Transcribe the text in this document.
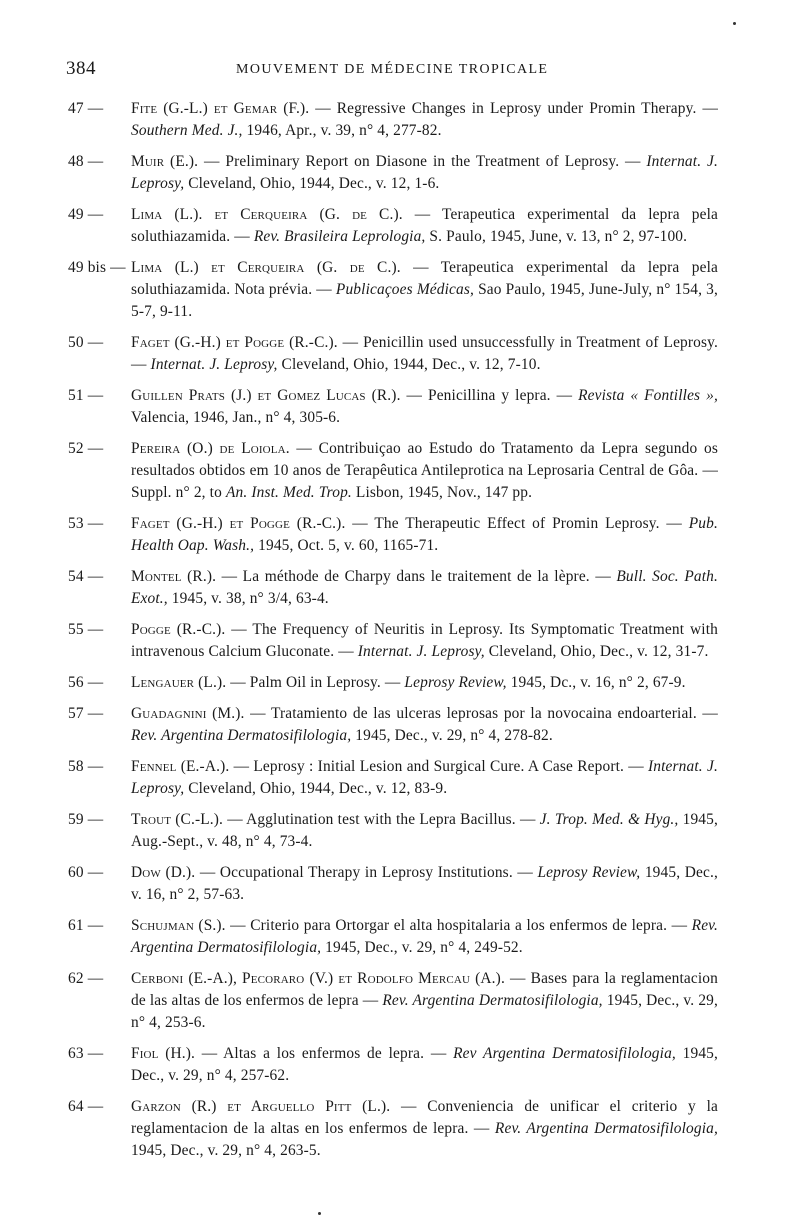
384	MOUVEMENT DE MÉDECINE TROPICALE
47 —	Fite (G.-L.) et Gemar (F.). — Regressive Changes in Leprosy under Promin Therapy. — Southern Med. J., 1946, Apr., v. 39, n° 4, 277-82.
48 —	Muir (E.). — Preliminary Report on Diasone in the Treatment of Leprosy. — Internat. J. Leprosy, Cleveland, Ohio, 1944, Dec., v. 12, 1-6.
49 —	Lima (L.). et Cerqueira (G. de C.). — Terapeutica experimental da lepra pela soluthiazamida. — Rev. Brasileira Leprologia, S. Paulo, 1945, June, v. 13, n° 2, 97-100.
49 bis — Lima (L.) et Cerqueira (G. de C.). — Terapeutica experimental da lepra pela soluthiazamida. Nota prévia. — Publicaçoes Médicas, Sao Paulo, 1945, June-July, n° 154, 3, 5-7, 9-11.
50 —	Faget (G.-H.) et Pogge (R.-C.). — Penicillin used unsuccessfully in Treatment of Leprosy. — Internat. J. Leprosy, Cleveland, Ohio, 1944, Dec., v. 12, 7-10.
51 —	Guillen Prats (J.) et Gomez Lucas (R.). — Penicillina y lepra. — Revista « Fontilles », Valencia, 1946, Jan., n° 4, 305-6.
52 —	Pereira (O.) de Loiola. — Contribuiçao ao Estudo do Tratamento da Lepra segundo os resultados obtidos em 10 anos de Terapêutica Antileprotica na Leprosaria Central de Gôa. — Suppl. n° 2, to An. Inst. Med. Trop. Lisbon, 1945, Nov., 147 pp.
53 —	Faget (G.-H.) et Pogge (R.-C.). — The Therapeutic Effect of Promin Leprosy. — Pub. Health Oap. Wash., 1945, Oct. 5, v. 60, 1165-71.
54 —	Montel (R.). — La méthode de Charpy dans le traitement de la lèpre. — Bull. Soc. Path. Exot., 1945, v. 38, n° 3/4, 63-4.
55 —	Pogge (R.-C.). — The Frequency of Neuritis in Leprosy. Its Symptomatic Treatment with intravenous Calcium Gluconate. — Internat. J. Leprosy, Cleveland, Ohio, Dec., v. 12, 31-7.
56 —	Lengauer (L.). — Palm Oil in Leprosy. — Leprosy Review, 1945, Dc., v. 16, n° 2, 67-9.
57 —	Guadagnini (M.). — Tratamiento de las ulceras leprosas por la novocaina endoarterial. — Rev. Argentina Dermatosifilologia, 1945, Dec., v. 29, n° 4, 278-82.
58 —	Fennel (E.-A.). — Leprosy : Initial Lesion and Surgical Cure. A Case Report. — Internat. J. Leprosy, Cleveland, Ohio, 1944, Dec., v. 12, 83-9.
59 —	Trout (C.-L.). — Agglutination test with the Lepra Bacillus. — J. Trop. Med. & Hyg., 1945, Aug.-Sept., v. 48, n° 4, 73-4.
60 —	Dow (D.). — Occupational Therapy in Leprosy Institutions. — Leprosy Review, 1945, Dec., v. 16, n° 2, 57-63.
61 —	Schujman (S.). — Criterio para Ortorgar el alta hospitalaria a los enfermos de lepra. — Rev. Argentina Dermatosifilologia, 1945, Dec., v. 29, n° 4, 249-52.
62 —	Cerboni (E.-A.), Pecoraro (V.) et Rodolfo Mercau (A.). — Bases para la reglamentacion de las altas de los enfermos de lepra — Rev. Argentina Dermatosifilologia, 1945, Dec., v. 29, n° 4, 253-6.
63 —	Fiol (H.). — Altas a los enfermos de lepra. — Rev Argentina Dermatosifilologia, 1945, Dec., v. 29, n° 4, 257-62.
64 —	Garzon (R.) et Arguello Pitt (L.). — Conveniencia de unificar el criterio y la reglamentacion de la altas en los enfermos de lepra. — Rev. Argentina Dermatosifilologia, 1945, Dec., v. 29, n° 4, 263-5.
